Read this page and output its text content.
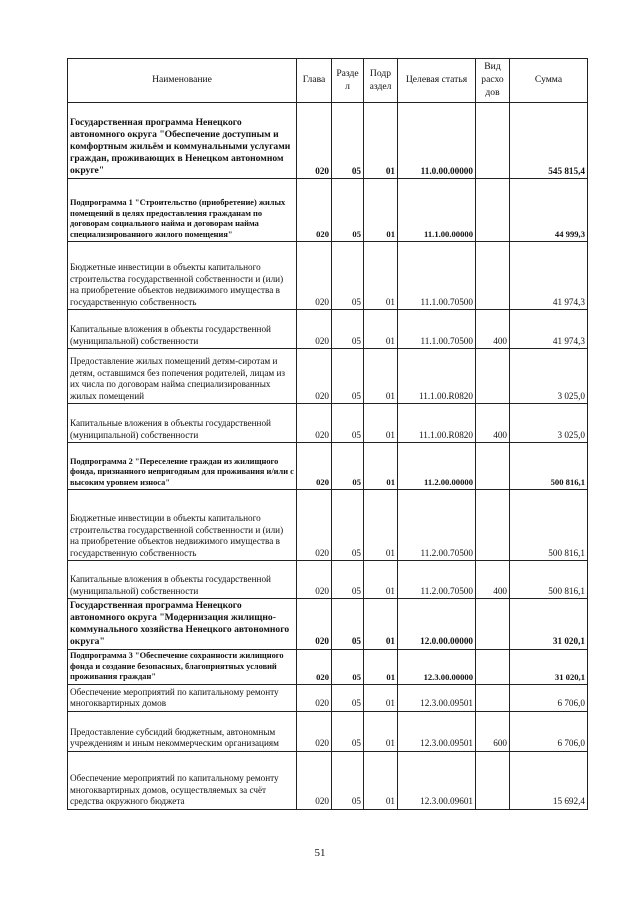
Наименование	Глава	Разде л	Подр аздел	Целевая статья	Вид расхо дов	Сумма
Государственная программа Ненецкого автономного округа "Обеспечение доступным и комфортным жильём и коммунальными услугами граждан, проживающих в Ненецком автономном округе"	020	05	01	11.0.00.00000		545 815,4
Подпрограмма 1 "Строительство (приобретение) жилых помещений в целях предоставления гражданам по договорам социального найма и договорам найма специализированного жилого помещения"	020	05	01	11.1.00.00000		44 999,3
Бюджетные инвестиции в объекты капитального строительства государственной собственности и (или) на приобретение объектов недвижимого имущества в государственную собственность	020	05	01	11.1.00.70500		41 974,3
Капитальные вложения в объекты государственной (муниципальной) собственности	020	05	01	11.1.00.70500	400	41 974,3
Предоставление жилых помещений детям-сиротам и детям, оставшимся без попечения родителей, лицам из их числа по договорам найма специализированных жилых помещений	020	05	01	11.1.00.R0820		3 025,0
Капитальные вложения в объекты государственной (муниципальной) собственности	020	05	01	11.1.00.R0820	400	3 025,0
Подпрограмма 2 "Переселение граждан из жилищного фонда, признанного непригодным для проживания и/или с высоким уровнем износа"	020	05	01	11.2.00.00000		500 816,1
Бюджетные инвестиции в объекты капитального строительства государственной собственности и (или) на приобретение объектов недвижимого имущества в государственную собственность	020	05	01	11.2.00.70500		500 816,1
Капитальные вложения в объекты государственной (муниципальной) собственности	020	05	01	11.2.00.70500	400	500 816,1
Государственная программа Ненецкого автономного округа "Модернизация жилищно-коммунального хозяйства Ненецкого автономного округа"	020	05	01	12.0.00.00000		31 020,1
Подпрограмма 3 "Обеспечение сохранности жилищного фонда и создание безопасных, благоприятных условий проживания граждан"	020	05	01	12.3.00.00000		31 020,1
Обеспечение мероприятий по капитальному ремонту многоквартирных домов	020	05	01	12.3.00.09501		6 706,0
Предоставление субсидий бюджетным, автономным учреждениям и иным некоммерческим организациям	020	05	01	12.3.00.09501	600	6 706,0
Обеспечение мероприятий по капитальному ремонту многоквартирных домов, осуществляемых за счёт средства окружного бюджета	020	05	01	12.3.00.09601		15 692,4
51
